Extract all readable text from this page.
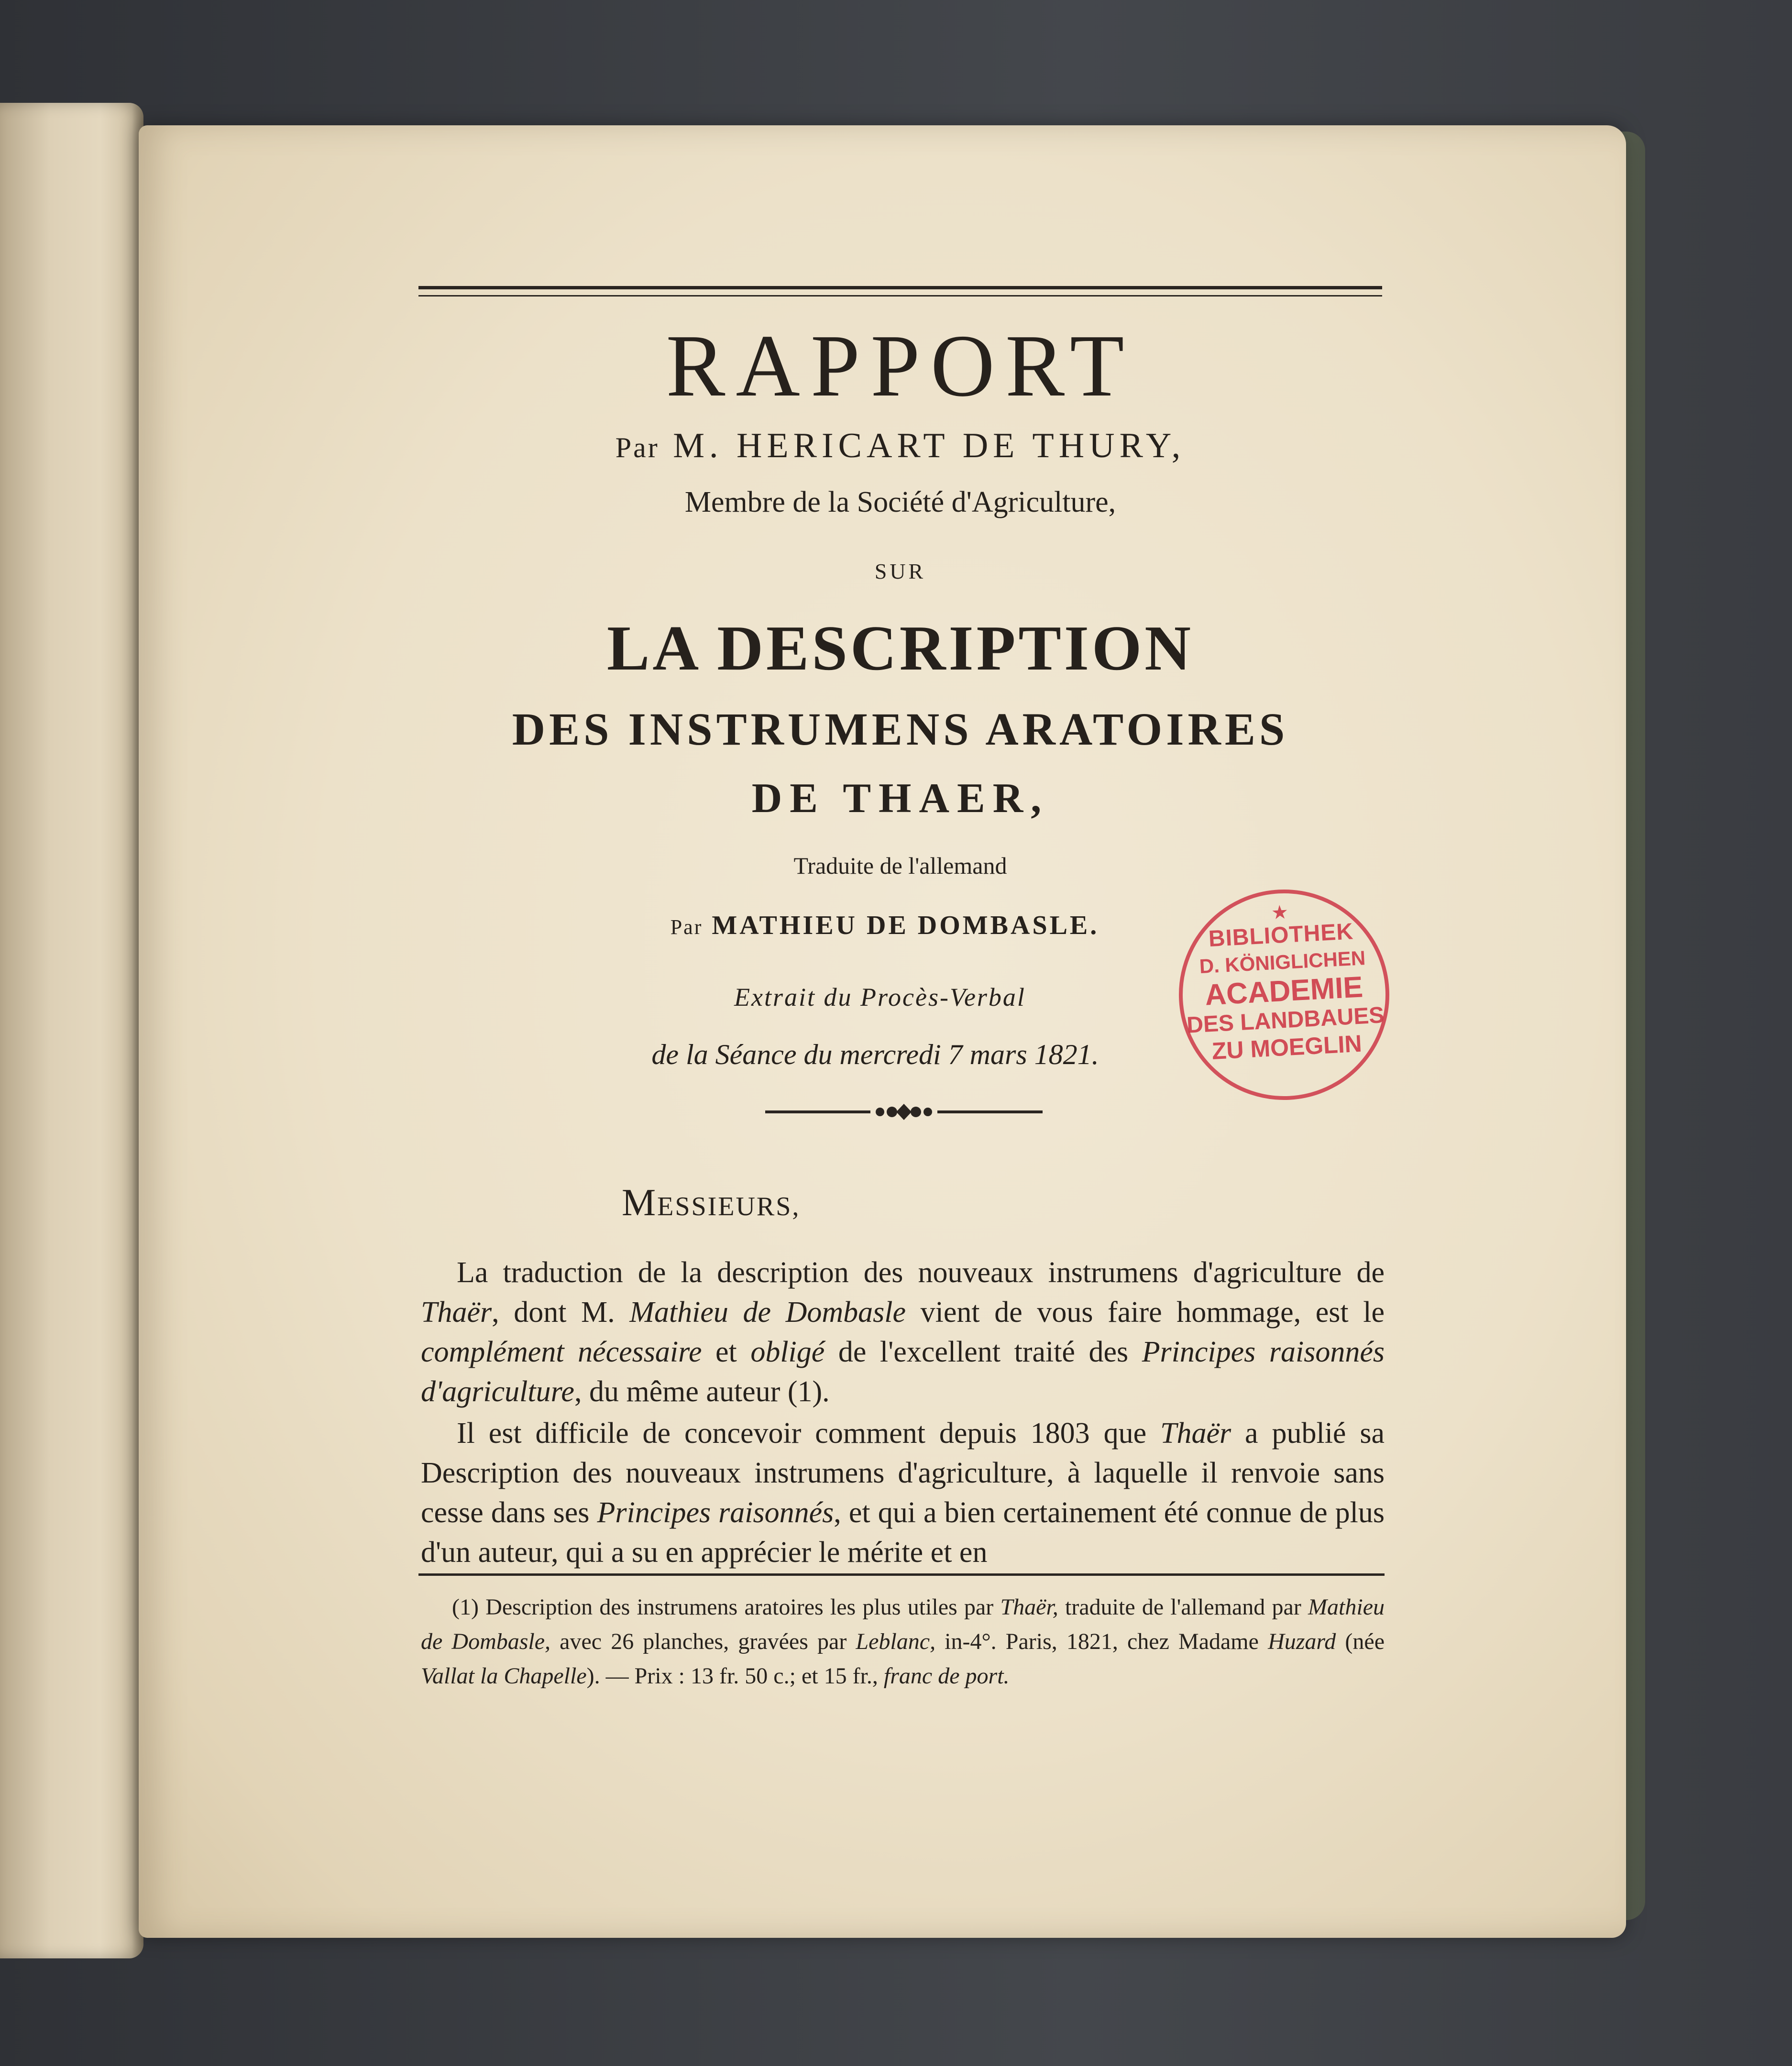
RAPPORT
Par M. HERICART DE THURY,
Membre de la Société d'Agriculture,
SUR
LA DESCRIPTION
DES INSTRUMENS ARATOIRES
DE THAER,
Traduite de l'allemand
Par MATHIEU DE DOMBASLE.
Extrait du Procès-Verbal
de la Séance du mercredi 7 mars 1821.
★
BIBLIOTHEK
D. KÖNIGLICHEN
ACADEMIE
DES LANDBAUES
ZU MOEGLIN
MESSIEURS,

La traduction de la description des nouveaux instrumens d'agriculture de Thaër, dont M. Mathieu de Dombasle vient de vous faire hommage, est le complément nécessaire et obligé de l'excellent traité des Principes raisonnés d'agriculture, du même auteur (1).

Il est difficile de concevoir comment depuis 1803 que Thaër a publié sa Description des nouveaux instrumens d'agriculture, à laquelle il renvoie sans cesse dans ses Principes raisonnés, et qui a bien certainement été connue de plus d'un auteur, qui a su en apprécier le mérite et en

(1) Description des instrumens aratoires les plus utiles par Thaër, traduite de l'allemand par Mathieu de Dombasle, avec 26 planches, gravées par Leblanc, in-4°. Paris, 1821, chez Madame Huzard (née Vallat la Chapelle). — Prix : 13 fr. 50 c.; et 15 fr., franc de port.
